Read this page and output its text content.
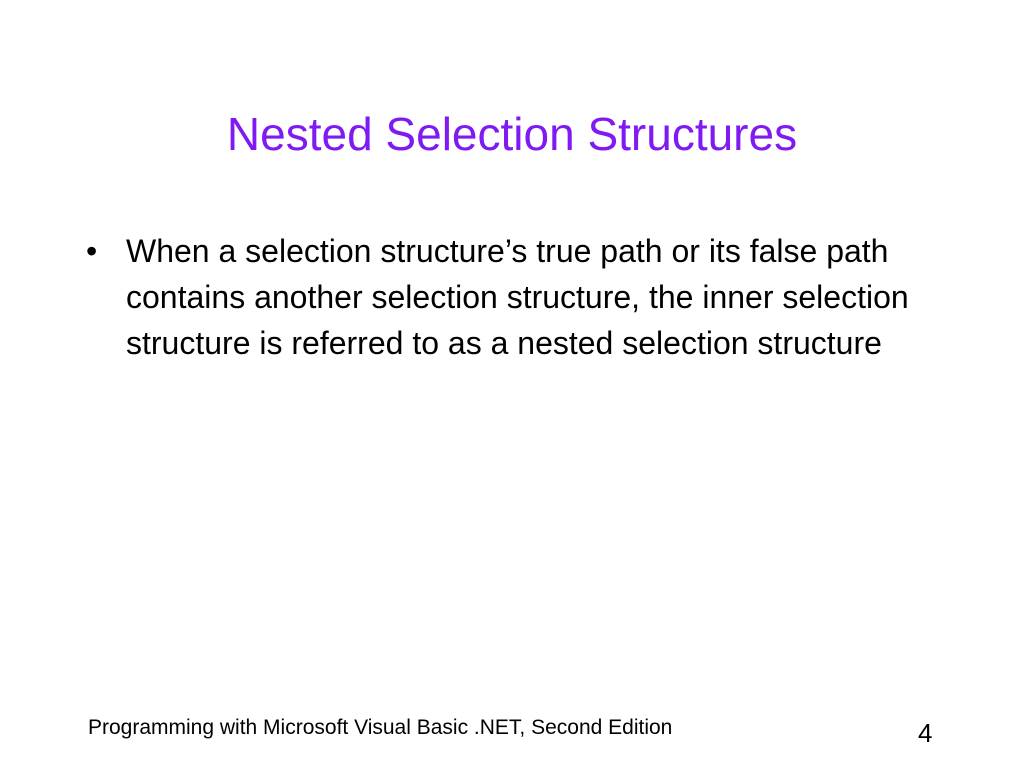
Nested Selection Structures
• When a selection structure’s true path or its false path contains another selection structure, the inner selection structure is referred to as a nested selection structure
Programming with Microsoft Visual Basic .NET, Second Edition	4
